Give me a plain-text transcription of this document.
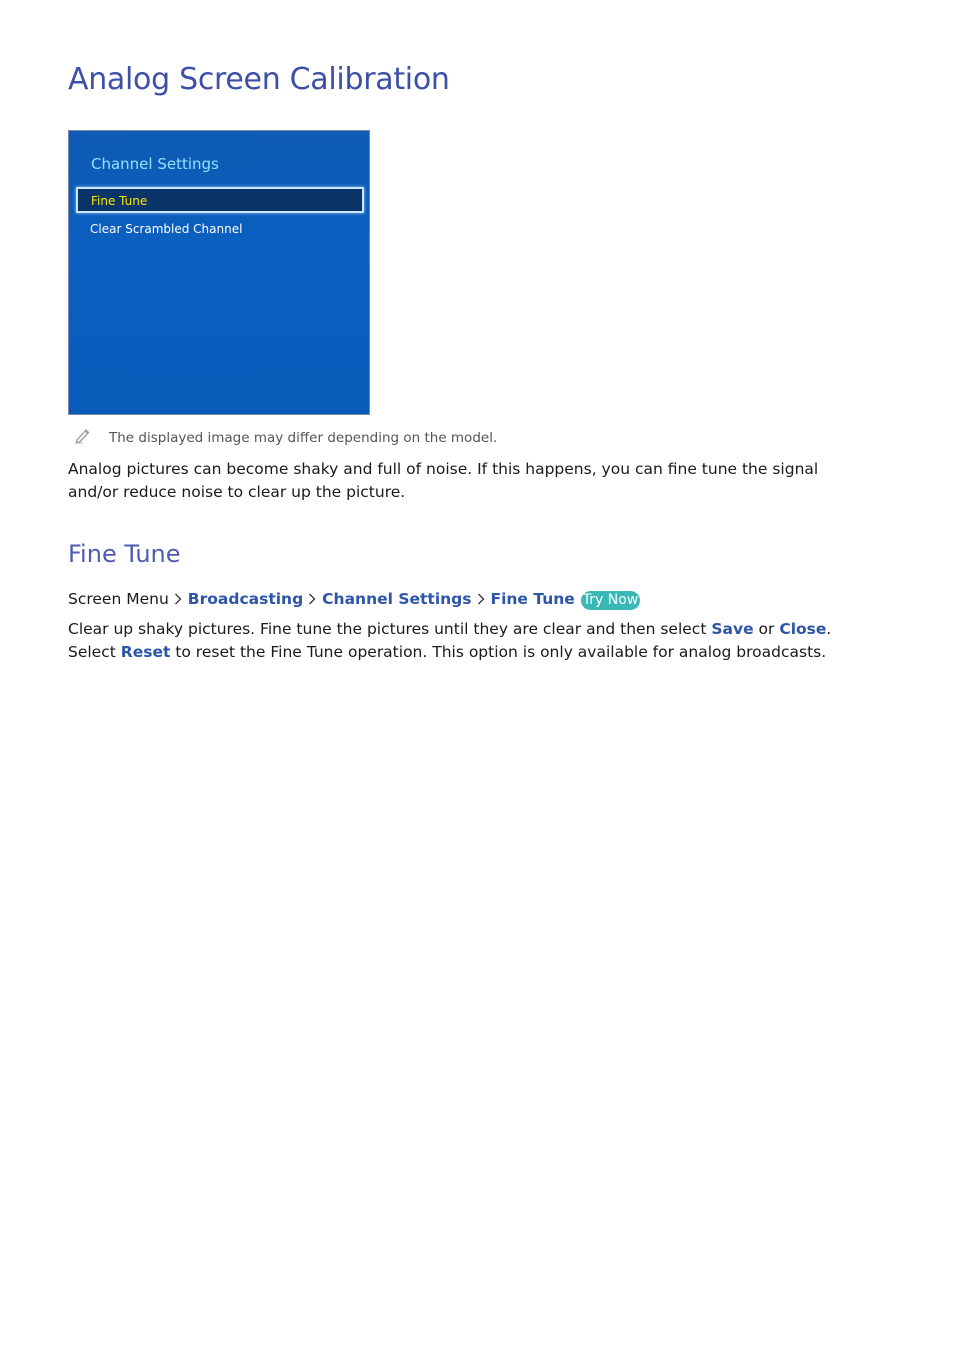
Analog Screen Calibration
Channel Settings
Fine Tune
Clear Scrambled Channel
The displayed image may differ depending on the model.

Analog pictures can become shaky and full of noise. If this happens, you can fine tune the signal
and/or reduce noise to clear up the picture.

Fine Tune
Screen Menu Broadcasting Channel Settings Fine Tune Try Now

Clear up shaky pictures. Fine tune the pictures until they are clear and then select Save or Close.
Select Reset to reset the Fine Tune operation. This option is only available for analog broadcasts.
